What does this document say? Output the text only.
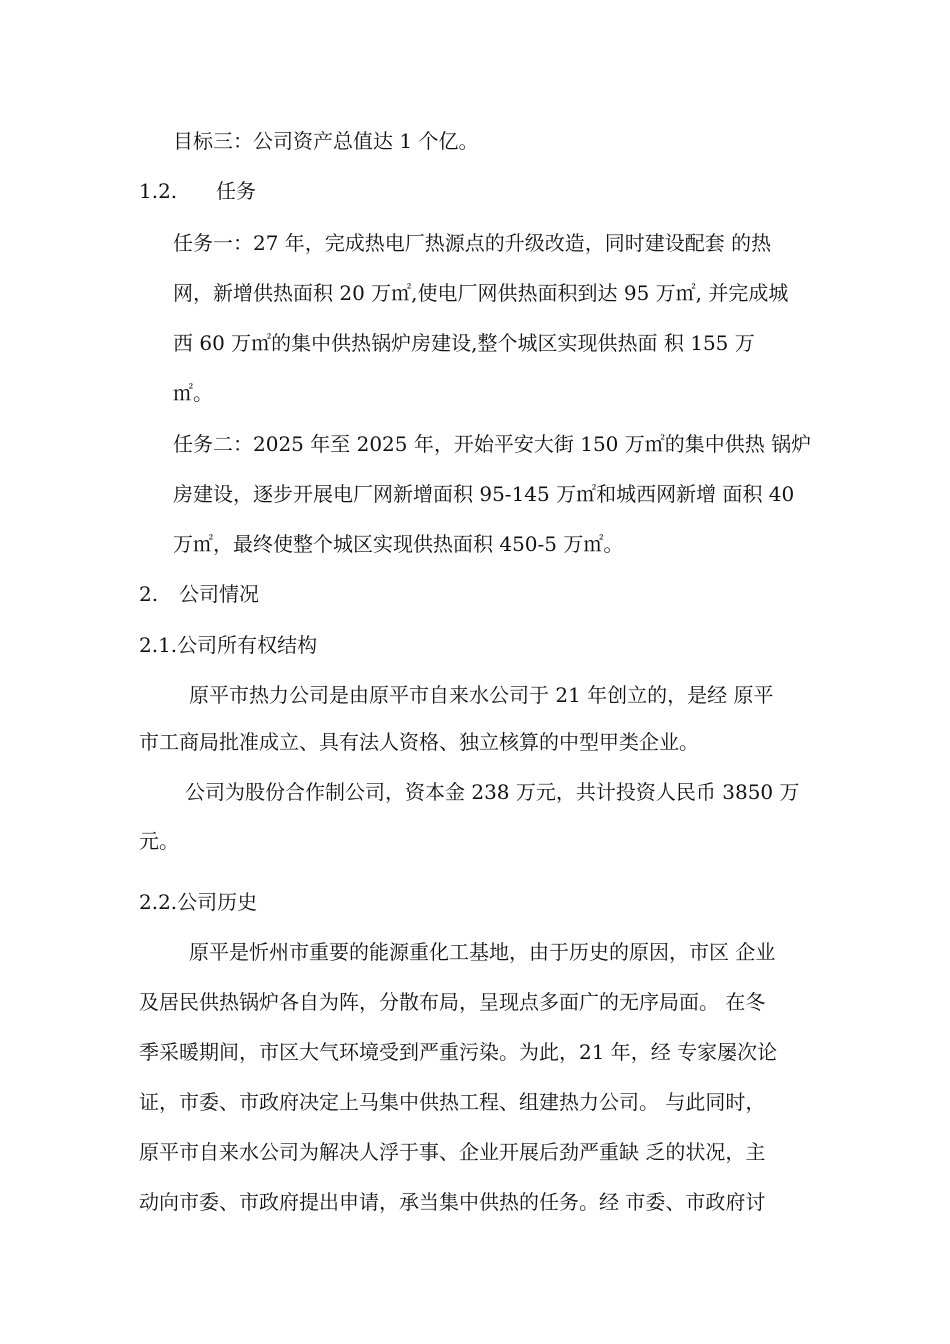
目标三：公司资产总值达 1 个亿。
1.2. 任务
任务一：27 年，完成热电厂热源点的升级改造，同时建设配套 的热
网，新增供热面积 20 万㎡,使电厂网供热面积到达 95 万㎡, 并完成城
西 60 万㎡的集中供热锅炉房建设,整个城区实现供热面 积 155 万
㎡。
任务二：2025 年至 2025 年，开始平安大街 150 万㎡的集中供热 锅炉
房建设，逐步开展电厂网新增面积 95-145 万㎡和城西网新增 面积 40
万㎡，最终使整个城区实现供热面积 450-5 万㎡。
2. 公司情况
2.1.公司所有权结构
原平市热力公司是由原平市自来水公司于 21 年创立的，是经 原平
市工商局批准成立、具有法人资格、独立核算的中型甲类企业。
公司为股份合作制公司，资本金 238 万元，共计投资人民币 3850 万
元。
2.2.公司历史
原平是忻州市重要的能源重化工基地，由于历史的原因，市区 企业
及居民供热锅炉各自为阵，分散布局，呈现点多面广的无序局面。 在冬
季采暖期间，市区大气环境受到严重污染。为此，21 年，经 专家屡次论
证，市委、市政府决定上马集中供热工程、组建热力公司。 与此同时，
原平市自来水公司为解决人浮于事、企业开展后劲严重缺 乏的状况，主
动向市委、市政府提出申请，承当集中供热的任务。经 市委、市政府讨
